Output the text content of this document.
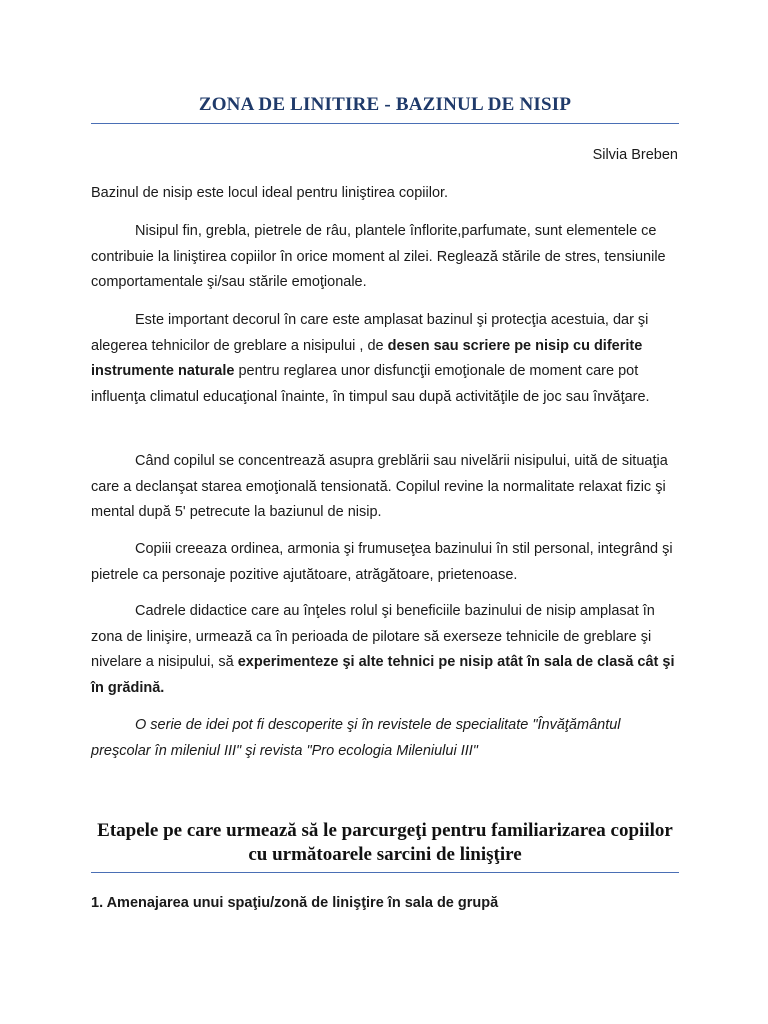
ZONA DE LINITIRE - BAZINUL DE NISIP
Silvia Breben
Bazinul de nisip este locul ideal pentru liniştirea copiilor.
Nisipul fin, grebla, pietrele de râu, plantele înflorite,parfumate, sunt elementele ce contribuie la liniştirea copiilor în orice moment al zilei. Reglează stările de stres, tensiunile comportamentale şi/sau stările emoţionale.
Este important decorul în care este amplasat bazinul şi protecţia acestuia, dar şi alegerea tehnicilor de greblare a nisipului , de desen sau scriere pe nisip cu diferite instrumente naturale pentru reglarea unor disfuncţii emoţionale de moment care pot influenţa climatul educaţional înainte, în timpul sau după activităţile de joc sau învăţare.
Când copilul se concentrează asupra greblării sau nivelării nisipului, uită de situaţia care a declanşat starea emoţională tensionată. Copilul revine la normalitate relaxat fizic şi mental după 5' petrecute la baziunul de nisip.
Copiii creeaza ordinea, armonia şi frumuseţea bazinului în stil personal, integrând şi pietrele ca personaje pozitive ajutătoare, atrăgătoare, prietenoase.
Cadrele didactice care au înţeles rolul şi beneficiile bazinului de nisip amplasat în zona de linişire, urmează ca în perioada de pilotare să exerseze tehnicile de greblare şi nivelare a nisipului, să experimenteze şi alte tehnici pe nisip atât în sala de clasă cât şi în grădină.
O serie de idei pot fi descoperite şi în revistele de specialitate "Învăţământul preşcolar în mileniul III" şi revista "Pro ecologia Mileniului III"
Etapele pe care urmează să le parcurgeţi pentru familiarizarea copiilor cu următoarele sarcini de linişţire
1. Amenajarea unui spaţiu/zonă de linişţire în sala de grupă
